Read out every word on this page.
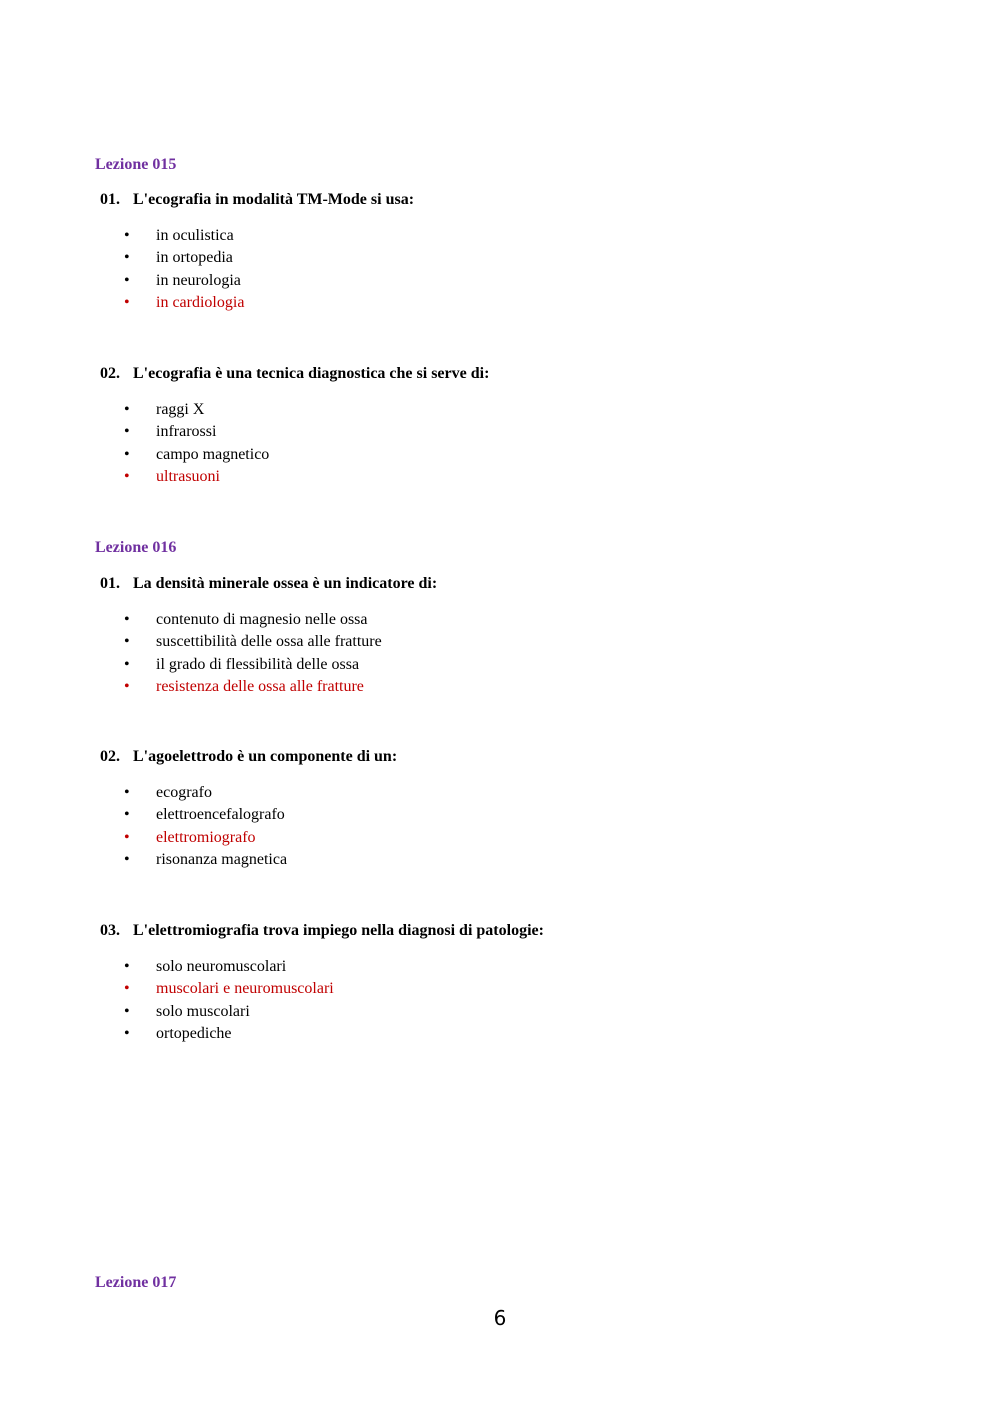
Lezione 015

01. L'ecografia in modalità TM-Mode si usa:

• in oculistica
• in ortopedia
• in neurologia
• in cardiologia

02. L'ecografia è una tecnica diagnostica che si serve di:

• raggi X
• infrarossi
• campo magnetico
• ultrasuoni
Lezione 016

01. La densità minerale ossea è un indicatore di:

• contenuto di magnesio nelle ossa
• suscettibilità delle ossa alle fratture
• il grado di flessibilità delle ossa
• resistenza delle ossa alle fratture

02. L'agoelettrodo è un componente di un:

• ecografo
• elettroencefalografo
• elettromiografo
• risonanza magnetica

03. L'elettromiografia trova impiego nella diagnosi di patologie:

• solo neuromuscolari
• muscolari e neuromuscolari
• solo muscolari
• ortopediche
Lezione 017
6
